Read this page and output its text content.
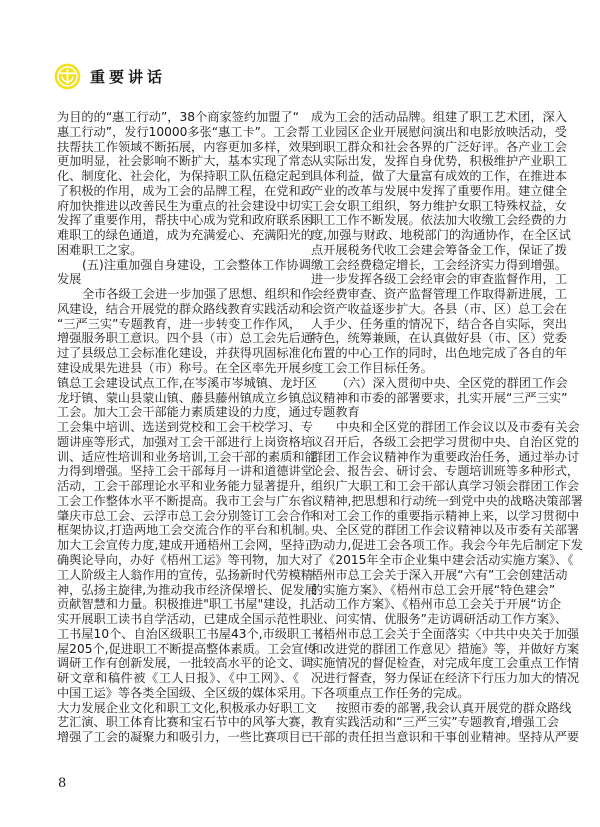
重要讲话
为目的的“惠工行动”，38个商家签约加盟了“
惠工行动”，发行10000多张“惠工卡”。工会帮
扶帮扶工作领域不断拓展，内容更加多样，效果
更加明显，社会影响不断扩大，基本实现了常态
化、制度化、社会化，为保持职工队伍稳定起到
了积极的作用，成为工会的品牌工程，在党和政
府加快推进以改善民生为重点的社会建设中切实
发挥了重要作用，帮扶中心成为党和政府联系困
难职工的绿色通道，成为充满爱心、充满阳光的
困难职工之家。
(五)注重加强自身建设，工会整体工作协调
发展
全市各级工会进一步加强了思想、组织和作
风建设，结合开展党的群众路线教育实践活动和
“三严三实”专题教育，进一步转变工作作风，
增强服务职工意识。四个县（市）总工会先后通
过了县级总工会标准化建设，并获得巩固标准化
建设成果先进县（市）称号。在全区率先开展乡
镇总工会建设试点工作,在岑溪市岑城镇、龙圩区
龙圩镇、蒙山县蒙山镇、藤县藤州镇成立乡镇总
工会。加大工会干部能力素质建设的力度，通过
工会集中培训、选送到党校和工会干校学习、专
题讲座等形式，加强对工会干部进行上岗资格培
训、适应性培训和业务培训,工会干部的素质和能
力得到增强。坚持工会干部每月一讲和道德讲堂
活动，工会干部理论水平和业务能力显著提升，
工会工作整体水平不断提高。我市工会与广东省
肇庆市总工会、云浮市总工会分别签订工会合作
框架协议,打造两地工会交流合作的平台和机制。
加大工会宣传力度,建成开通梧州工会网，坚持正
确舆论导向，办好《梧州工运》等刊物，加大对
工人阶级主人翁作用的宣传，弘扬新时代劳模精
神，弘扬主旋律,为推动我市经济保增长、促发展
贡献智慧和力量。积极推进"职工书屋"建设，扎
实开展职工读书自学活动，已建成全国示范性职
工书屋10个、自治区级职工书屋43个,市级职工书
屋205个,促进职工不断提高整体素质。工会宣传
调研工作有创新发展，一批较高水平的论文、调
研文章和稿件被《工人日报》、《中工网》、《
中国工运》等各类全国级、全区级的媒体采用。
大力发展企业文化和职工文化,积极承办好职工文
艺汇演、职工体育比赛和宝石节中的风筝大赛，
增强了工会的凝聚力和吸引力，一些比赛项目已
成为工会的活动品牌。组建了职工艺术团，深入
工业园区企业开展慰问演出和电影放映活动，受
到职工群众和社会各界的广泛好评。各产业工会
从实际出发，发挥自身优势，积极维护产业职工
具体利益，做了大量富有成效的工作，在推进本
产业的改革与发展中发挥了重要作用。建立健全
工会女职工组织，努力维护女职工特殊权益，女
职工工作不断发展。依法加大收缴工会经费的力
度,加强与财政、地税部门的沟通协作，在全区试
点开展税务代收工会建会筹备金工作，保证了拨
缴工会经费稳定增长，工会经济实力得到增强。
进一步发挥各级工会经审会的审查监督作用，工
会经费审查、资产监督管理工作取得新进展，工
会资产收益逐步扩大。各县（市、区）总工会在
人手少、任务重的情况下，结合各自实际，突出
特色，统筹兼顾，在认真做好县（市、区）党委
布置的中心工作的同时，出色地完成了各自的年
度工会工作目标任务。
（六）深入贯彻中央、全区党的群团工作会
议精神和市委的部署要求，扎实开展“三严三实”
专题教育
中央和全区党的群团工作会议以及市委有关会
议召开后，各级工会把学习贯彻中央、自治区党的
群团工作会议精神作为重要政治任务，通过举办讨
论会、报告会、研讨会、专题培训班等多种形式，
组织广大职工和工会干部认真学习领会群团工作会
议精神,把思想和行动统一到党中央的战略决策部署
和对工会工作的重要指示精神上来，以学习贯彻中
央、全区党的群团工作会议精神以及市委有关部署
为动力,促进工会各项工作。我会今年先后制定下发
了《2015年全市企业集中建会活动实施方案》、《
梧州市总工会关于深入开展“六有”工会创建活动
的实施方案》、《梧州市总工会开展“特色建会”
活动工作方案》、《梧州市总工会关于开展“访企
业、问实情、优服务”走访调研活动工作方案》、
《梧州市总工会关于全面落实〈中共中央关于加强
和改进党的群团工作意见〉措施》等，并做好方案
实施情况的督促检查，对完成年度工会重点工作情
况进行督查，努力保证在经济下行压力加大的情况
下各项重点工作任务的完成。
按照市委的部署,我会认真开展党的群众路线
教育实践活动和“三严三实”专题教育,增强工会
干部的责任担当意识和干事创业精神。坚持从严要
8
